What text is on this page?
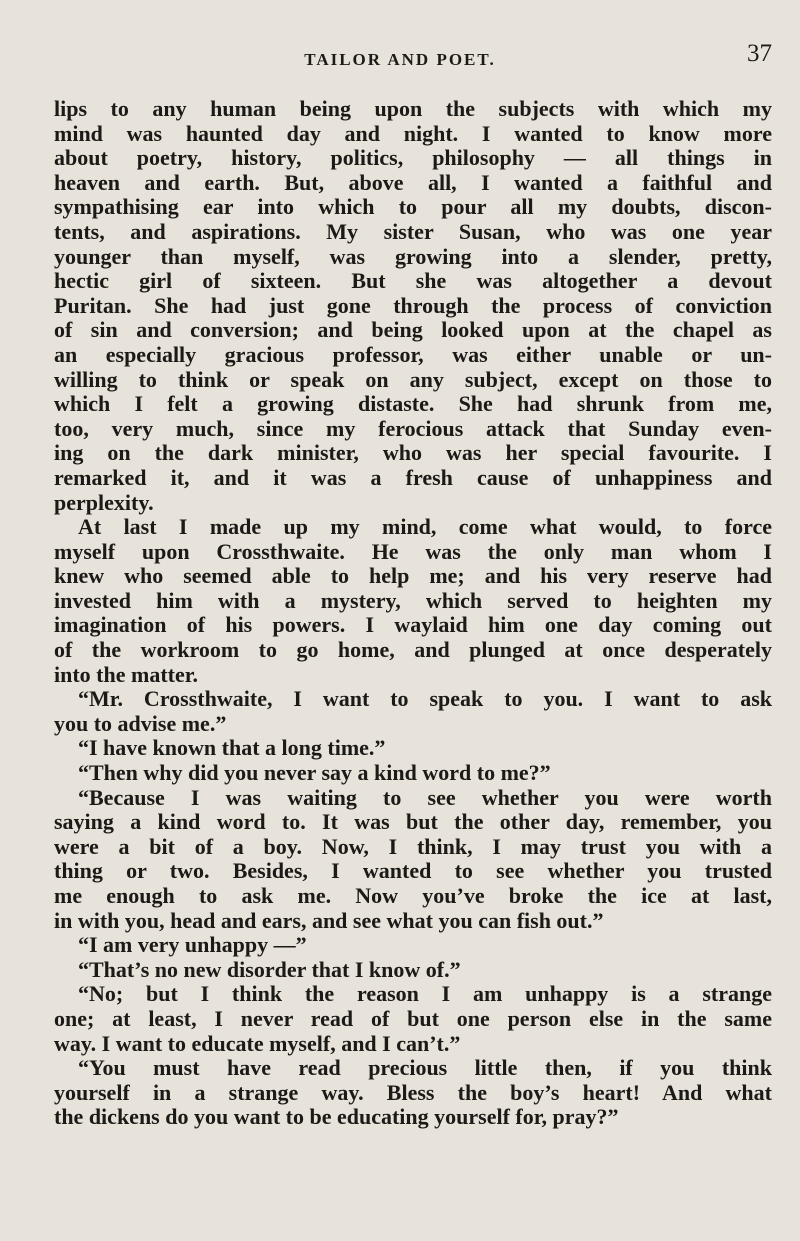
TAILOR AND POET.	37
lips to any human being upon the subjects with which my
mind was haunted day and night. I wanted to know more
about poetry, history, politics, philosophy — all things in
heaven and earth. But, above all, I wanted a faithful and
sympathising ear into which to pour all my doubts, discon-
tents, and aspirations. My sister Susan, who was one year
younger than myself, was growing into a slender, pretty,
hectic girl of sixteen. But she was altogether a devout
Puritan. She had just gone through the process of conviction
of sin and conversion; and being looked upon at the chapel as
an especially gracious professor, was either unable or un-
willing to think or speak on any subject, except on those to
which I felt a growing distaste. She had shrunk from me,
too, very much, since my ferocious attack that Sunday even-
ing on the dark minister, who was her special favourite. I
remarked it, and it was a fresh cause of unhappiness and
perplexity.
At last I made up my mind, come what would, to force
myself upon Crossthwaite. He was the only man whom I
knew who seemed able to help me; and his very reserve had
invested him with a mystery, which served to heighten my
imagination of his powers. I waylaid him one day coming out
of the workroom to go home, and plunged at once desperately
into the matter.
“Mr. Crossthwaite, I want to speak to you. I want to ask
you to advise me.”
“I have known that a long time.”
“Then why did you never say a kind word to me?”
“Because I was waiting to see whether you were worth
saying a kind word to. It was but the other day, remember, you
were a bit of a boy. Now, I think, I may trust you with a
thing or two. Besides, I wanted to see whether you trusted
me enough to ask me. Now you’ve broke the ice at last,
in with you, head and ears, and see what you can fish out.”
“I am very unhappy —”
“That’s no new disorder that I know of.”
“No; but I think the reason I am unhappy is a strange
one; at least, I never read of but one person else in the same
way. I want to educate myself, and I can’t.”
“You must have read precious little then, if you think
yourself in a strange way. Bless the boy’s heart! And what
the dickens do you want to be educating yourself for, pray?”
